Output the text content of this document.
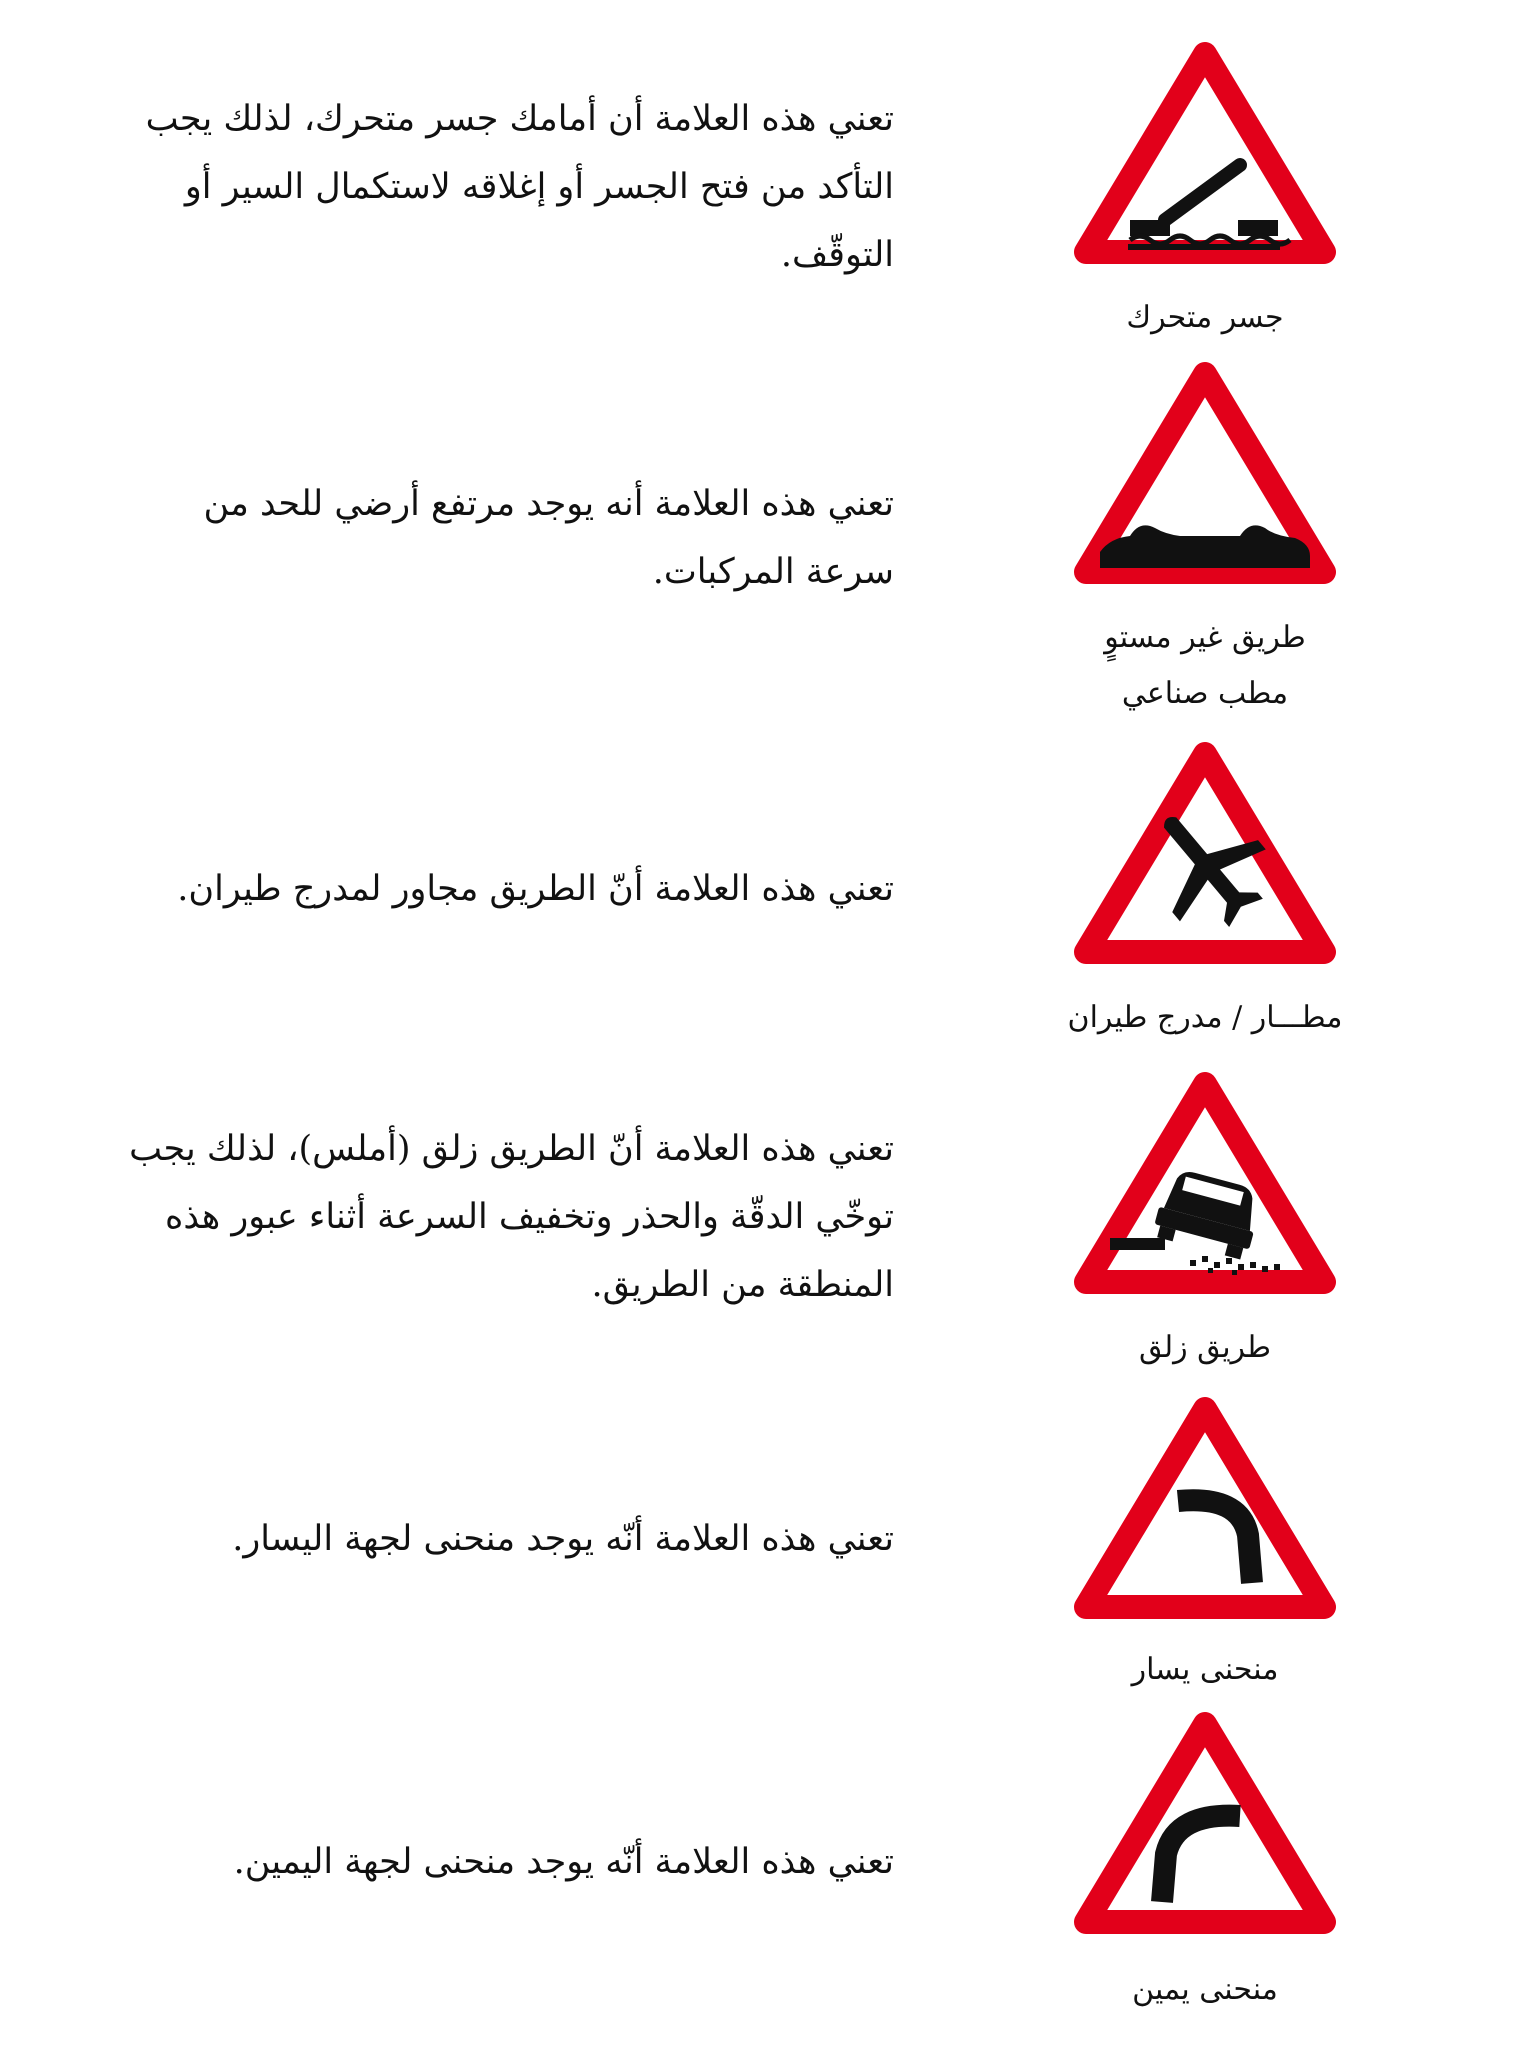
جسر متحرك
تعني هذه العلامة أن أمامك جسر متحرك، لذلك يجب التأكد من فتح الجسر أو إغلاقه لاستكمال السير أو التوقّف.
طريق غير مستوٍ
مطب صناعي
تعني هذه العلامة أنه يوجد مرتفع أرضي للحد من سرعة المركبات.
مطـــار / مدرج طيران
تعني هذه العلامة أنّ الطريق مجاور لمدرج طيران.
طريق زلق
تعني هذه العلامة أنّ الطريق زلق (أملس)، لذلك يجب توخّي الدقّة والحذر وتخفيف السرعة أثناء عبور هذه المنطقة من الطريق.
منحنى يسار
تعني هذه العلامة أنّه يوجد منحنى لجهة اليسار.
منحنى يمين
تعني هذه العلامة أنّه يوجد منحنى لجهة اليمين.
